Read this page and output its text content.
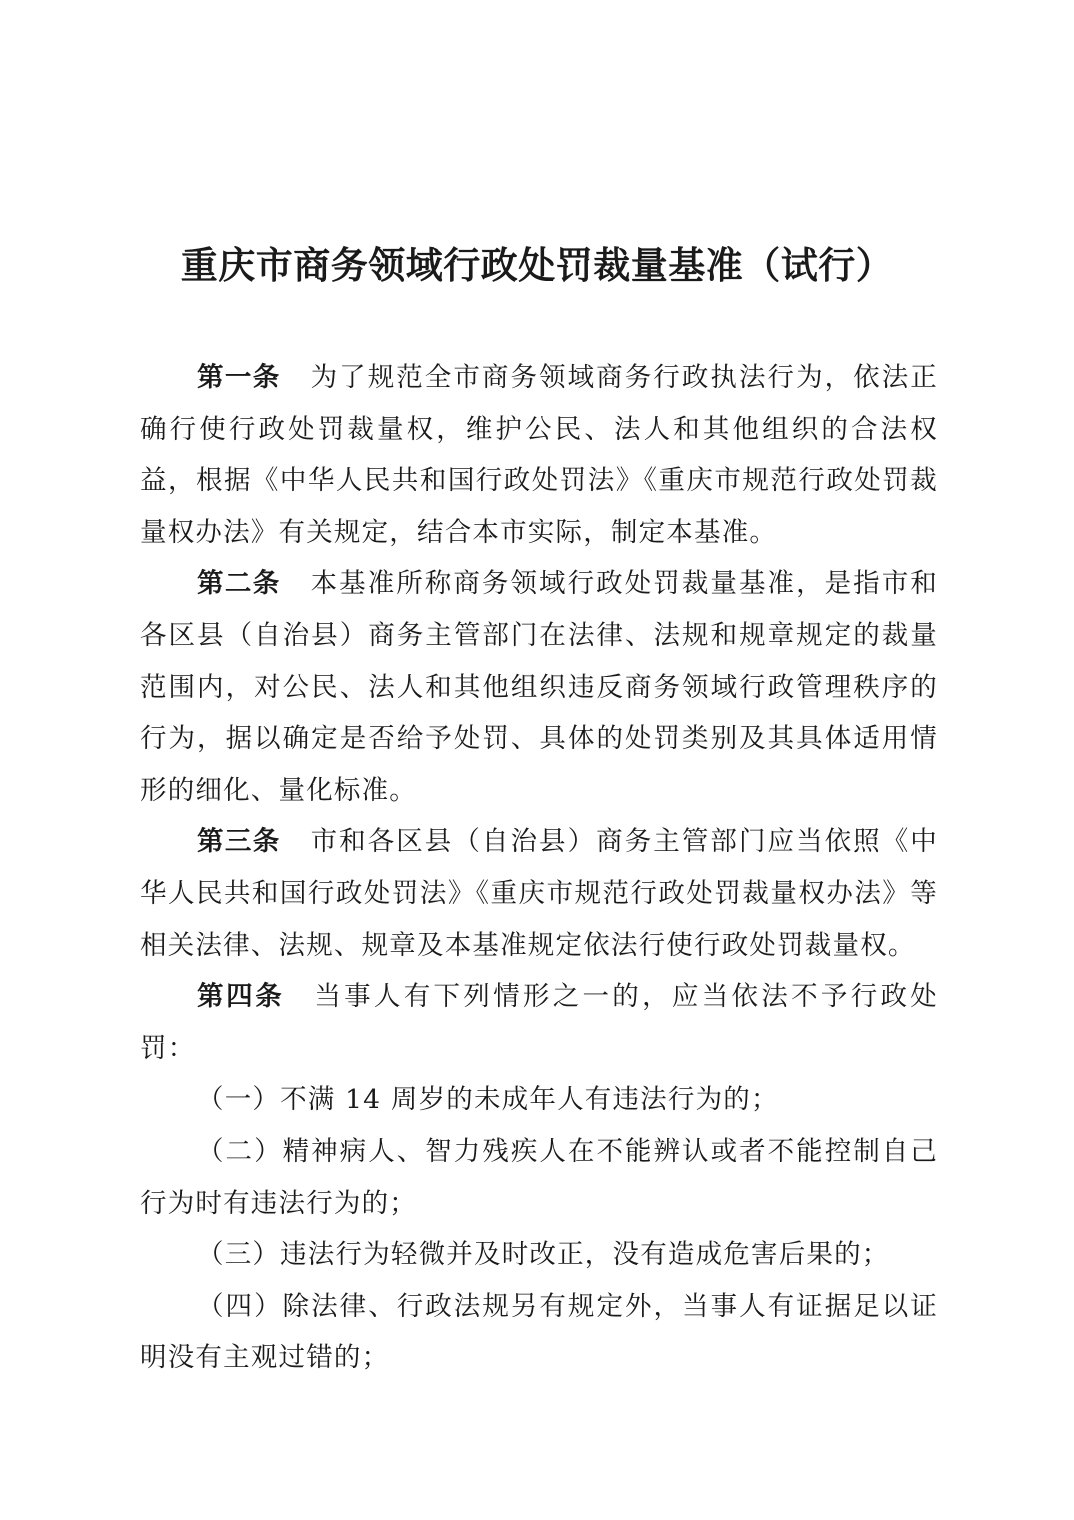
重庆市商务领域行政处罚裁量基准（试行）

第一条 为了规范全市商务领域商务行政执法行为，依法正确行使行政处罚裁量权，维护公民、法人和其他组织的合法权益，根据《中华人民共和国行政处罚法》《重庆市规范行政处罚裁量权办法》有关规定，结合本市实际，制定本基准。

第二条 本基准所称商务领域行政处罚裁量基准，是指市和各区县（自治县）商务主管部门在法律、法规和规章规定的裁量范围内，对公民、法人和其他组织违反商务领域行政管理秩序的行为，据以确定是否给予处罚、具体的处罚类别及其具体适用情形的细化、量化标准。

第三条 市和各区县（自治县）商务主管部门应当依照《中华人民共和国行政处罚法》《重庆市规范行政处罚裁量权办法》等相关法律、法规、规章及本基准规定依法行使行政处罚裁量权。

第四条 当事人有下列情形之一的，应当依法不予行政处罚：

（一）不满 14 周岁的未成年人有违法行为的；

（二）精神病人、智力残疾人在不能辨认或者不能控制自己行为时有违法行为的；

（三）违法行为轻微并及时改正，没有造成危害后果的；

（四）除法律、行政法规另有规定外，当事人有证据足以证明没有主观过错的；
